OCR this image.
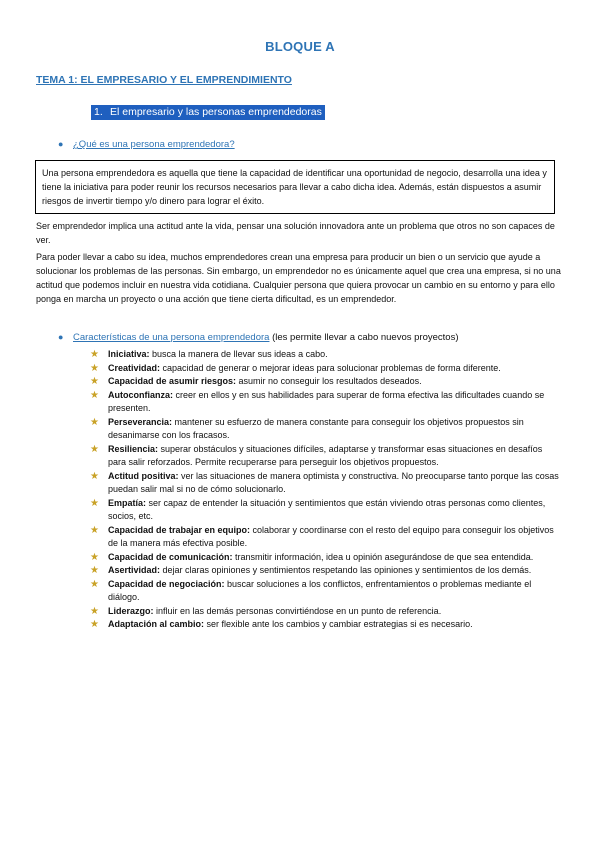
BLOQUE A
TEMA 1: EL EMPRESARIO Y EL EMPRENDIMIENTO
1. El empresario y las personas emprendedoras
● ¿Qué es una persona emprendedora?
Una persona emprendedora es aquella que tiene la capacidad de identificar una oportunidad de negocio, desarrolla una idea y tiene la iniciativa para poder reunir los recursos necesarios para llevar a cabo dicha idea. Además, están dispuestos a asumir riesgos de invertir tiempo y/o dinero para lograr el éxito.
Ser emprendedor implica una actitud ante la vida, pensar una solución innovadora ante un problema que otros no son capaces de ver.
Para poder llevar a cabo su idea, muchos emprendedores crean una empresa para producir un bien o un servicio que ayude a solucionar los problemas de las personas. Sin embargo, un emprendedor no es únicamente aquel que crea una empresa, si no una actitud que podemos incluir en nuestra vida cotidiana. Cualquier persona que quiera provocar un cambio en su entorno y para ello ponga en marcha un proyecto o una acción que tiene cierta dificultad, es un emprendedor.
● Características de una persona emprendedora (les permite llevar a cabo nuevos proyectos)
★ Iniciativa: busca la manera de llevar sus ideas a cabo.
★ Creatividad: capacidad de generar o mejorar ideas para solucionar problemas de forma diferente.
★ Capacidad de asumir riesgos: asumir no conseguir los resultados deseados.
★ Autoconfianza: creer en ellos y en sus habilidades para superar de forma efectiva las dificultades cuando se presenten.
★ Perseverancia: mantener su esfuerzo de manera constante para conseguir los objetivos propuestos sin desanimarse con los fracasos.
★ Resiliencia: superar obstáculos y situaciones difíciles, adaptarse y transformar esas situaciones en desafíos para salir reforzados. Permite recuperarse para perseguir los objetivos propuestos.
★ Actitud positiva: ver las situaciones de manera optimista y constructiva. No preocuparse tanto porque las cosas puedan salir mal si no de cómo solucionarlo.
★ Empatía: ser capaz de entender la situación y sentimientos que están viviendo otras personas como clientes, socios, etc.
★ Capacidad de trabajar en equipo: colaborar y coordinarse con el resto del equipo para conseguir los objetivos de la manera más efectiva posible.
★ Capacidad de comunicación: transmitir información, idea u opinión asegurándose de que sea entendida.
★ Asertividad: dejar claras opiniones y sentimientos respetando las opiniones y sentimientos de los demás.
★ Capacidad de negociación: buscar soluciones a los conflictos, enfrentamientos o problemas mediante el diálogo.
★ Liderazgo: influir en las demás personas convirtiéndose en un punto de referencia.
★ Adaptación al cambio: ser flexible ante los cambios y cambiar estrategias si es necesario.
